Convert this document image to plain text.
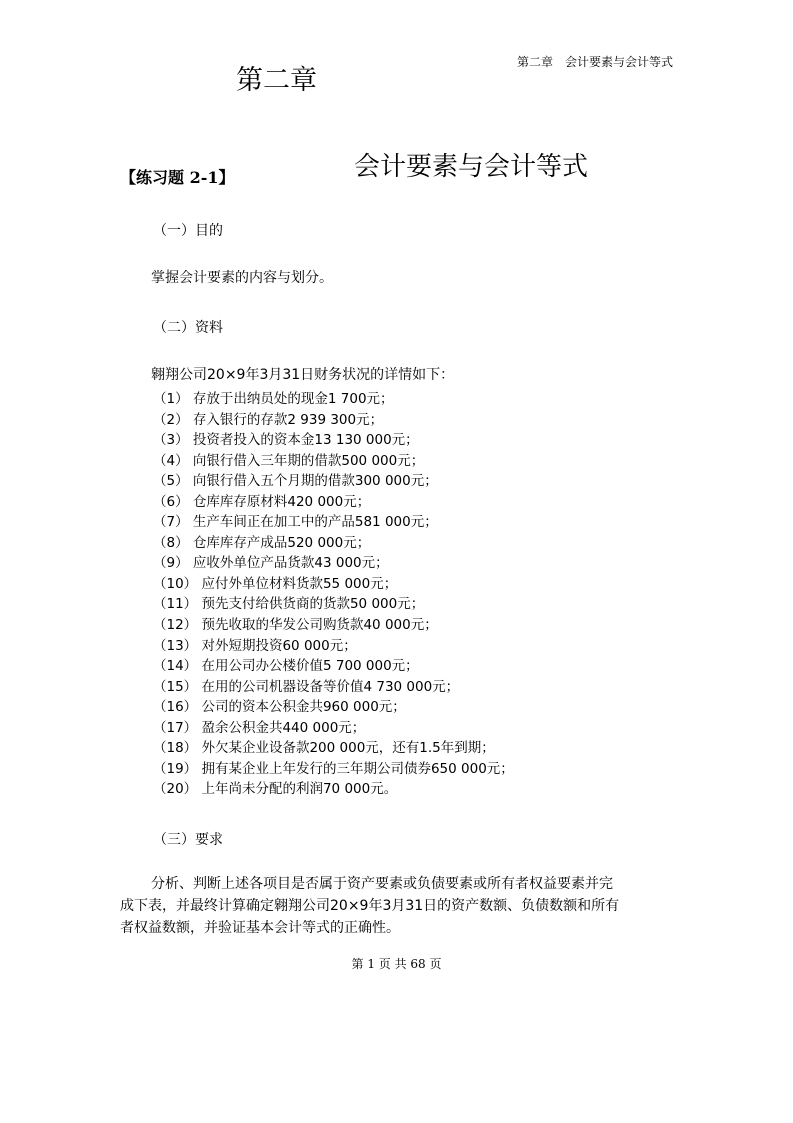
第二章　会计要素与会计等式
第二章
会计要素与会计等式
【练习题 2-1】
（一）目的
掌握会计要素的内容与划分。
（二）资料
翱翔公司20×9年3月31日财务状况的详情如下：
（1） 存放于出纳员处的现金1 700元；
（2） 存入银行的存款2 939 300元；
（3） 投资者投入的资本金13 130 000元；
（4） 向银行借入三年期的借款500 000元；
（5） 向银行借入五个月期的借款300 000元；
（6） 仓库库存原材料420 000元；
（7） 生产车间正在加工中的产品581 000元；
（8） 仓库库存产成品520 000元；
（9） 应收外单位产品货款43 000元；
（10） 应付外单位材料货款55 000元；
（11） 预先支付给供货商的货款50 000元；
（12） 预先收取的华发公司购货款40 000元；
（13） 对外短期投资60 000元；
（14） 在用公司办公楼价值5 700 000元；
（15） 在用的公司机器设备等价值4 730 000元；
（16） 公司的资本公积金共960 000元；
（17） 盈余公积金共440 000元；
（18） 外欠某企业设备款200 000元，还有1.5年到期；
（19） 拥有某企业上年发行的三年期公司债券650 000元；
（20） 上年尚未分配的利润70 000元。
（三）要求
分析、判断上述各项目是否属于资产要素或负债要素或所有者权益要素并完
成下表，并最终计算确定翱翔公司20×9年3月31日的资产数额、负债数额和所有
者权益数额，并验证基本会计等式的正确性。
第 1 页 共 68 页
